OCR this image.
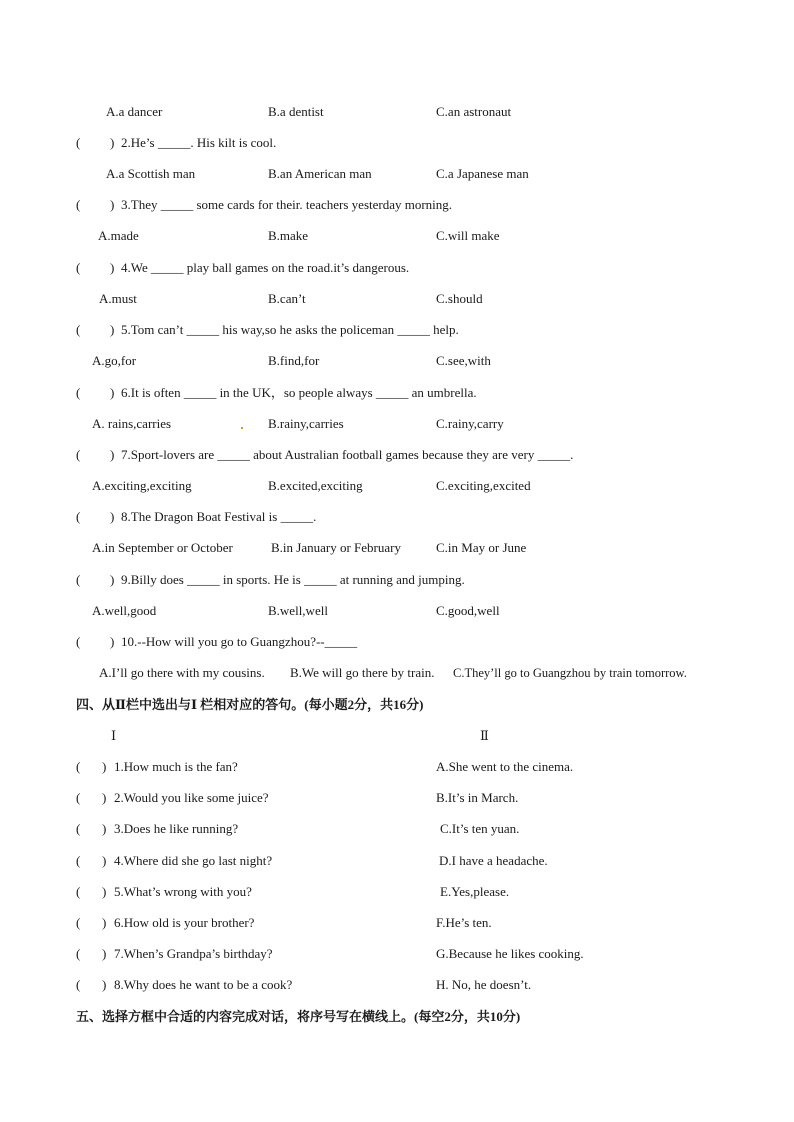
A.a dancer	B.a dentist	C.an astronaut
( ) 2.He’s _____. His kilt is cool.
A.a Scottish man	B.an American man	C.a Japanese man
( ) 3.They _____ some cards for their. teachers yesterday morning.
A.made	B.make	C.will make
( ) 4.We _____ play ball games on the road.it’s dangerous.
A.must	B.can’t	C.should
( ) 5.Tom can’t _____ his way,so he asks the policeman _____ help.
A.go,for	B.find,for	C.see,with
( ) 6.It is often _____ in the UK，so people always _____ an umbrella.
A. rains,carries	B.rainy,carries	C.rainy,carry
( ) 7.Sport-lovers are _____ about Australian football games because they are very _____.
A.exciting,exciting	B.excited,exciting	C.exciting,excited
( ) 8.The Dragon Boat Festival is _____.
A.in September or October	B.in January or February	C.in May or June
( ) 9.Billy does _____ in sports. He is _____ at running and jumping.
A.well,good	B.well,well	C.good,well
( ) 10.--How will you go to Guangzhou?--_____
A.I’ll go there with my cousins. B.We will go there by train. C.They’ll go to Guangzhou by train tomorrow.
四、从Ⅱ栏中选出与Ⅰ 栏相对应的答句。(每小题2分，共16分)
Ⅰ	Ⅱ
( ) 1.How much is the fan?	A.She went to the cinema.
( ) 2.Would you like some juice?	B.It’s in March.
( ) 3.Does he like running?	C.It’s ten yuan.
( ) 4.Where did she go last night?	D.I have a headache.
( ) 5.What’s wrong with you?	E.Yes,please.
( ) 6.How old is your brother?	F.He’s ten.
( ) 7.When’s Grandpa’s birthday?	G.Because he likes cooking.
( ) 8.Why does he want to be a cook?	H. No, he doesn’t.
五、选择方框中合适的内容完成对话，将序号写在横线上。(每空2分，共10分)
